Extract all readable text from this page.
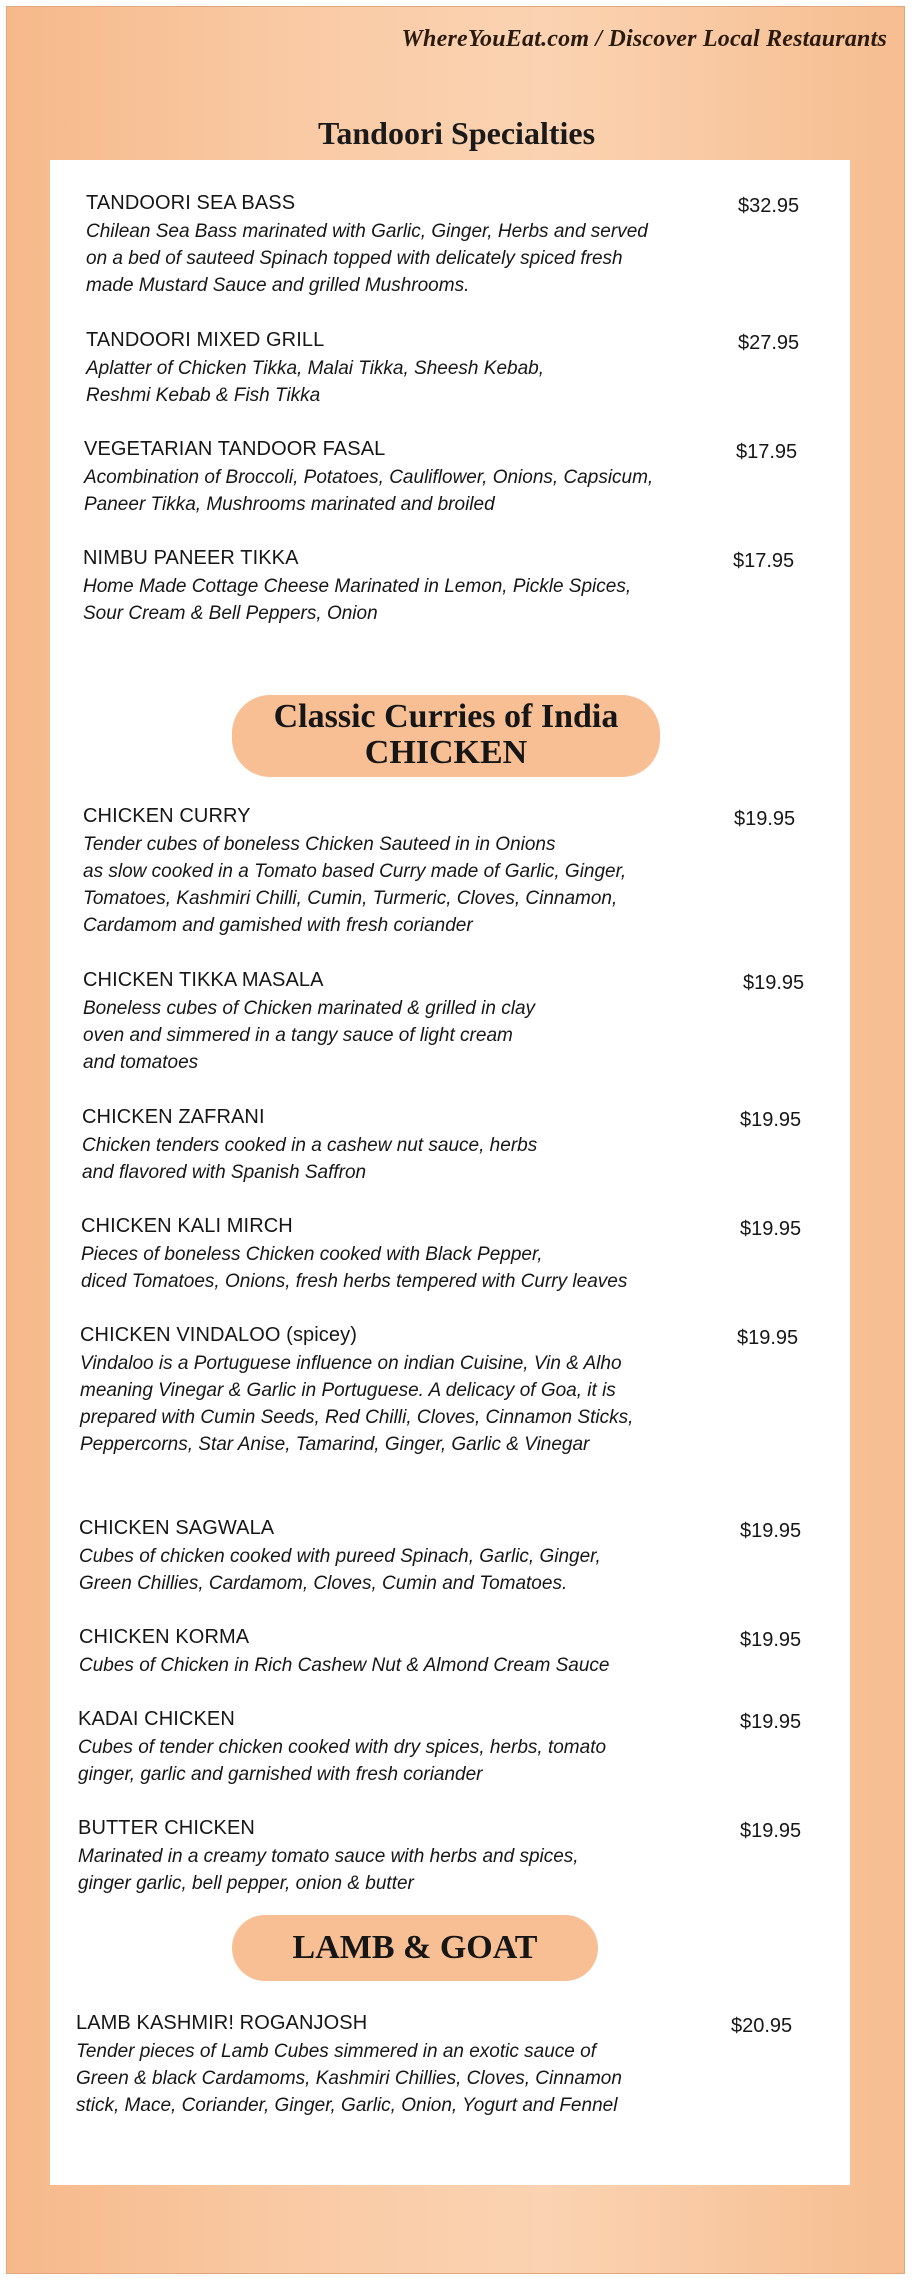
WhereYouEat.com / Discover Local Restaurants
Tandoori Specialties
TANDOORI SEA BASS
Chilean Sea Bass marinated with Garlic, Ginger, Herbs and served
on a bed of sauteed Spinach topped with delicately spiced fresh
made Mustard Sauce and grilled Mushrooms.
$32.95
TANDOORI MIXED GRILL
Aplatter of Chicken Tikka, Malai Tikka, Sheesh Kebab,
Reshmi Kebab & Fish Tikka
$27.95
VEGETARIAN TANDOOR FASAL
Acombination of Broccoli, Potatoes, Cauliflower, Onions, Capsicum,
Paneer Tikka, Mushrooms marinated and broiled
$17.95
NIMBU PANEER TIKKA
Home Made Cottage Cheese Marinated in Lemon, Pickle Spices,
Sour Cream & Bell Peppers, Onion
$17.95
Classic Curries of India
CHICKEN
CHICKEN CURRY
Tender cubes of boneless Chicken Sauteed in in Onions
as slow cooked in a Tomato based Curry made of Garlic, Ginger,
Tomatoes, Kashmiri Chilli, Cumin, Turmeric, Cloves, Cinnamon,
Cardamom and gamished with fresh coriander
$19.95
CHICKEN TIKKA MASALA
Boneless cubes of Chicken marinated & grilled in clay
oven and simmered in a tangy sauce of light cream
and tomatoes
$19.95
CHICKEN ZAFRANI
Chicken tenders cooked in a cashew nut sauce, herbs
and flavored with Spanish Saffron
$19.95
CHICKEN KALI MIRCH
Pieces of boneless Chicken cooked with Black Pepper,
diced Tomatoes, Onions, fresh herbs tempered with Curry leaves
$19.95
CHICKEN VINDALOO (spicey)
Vindaloo is a Portuguese influence on indian Cuisine, Vin & Alho
meaning Vinegar & Garlic in Portuguese. A delicacy of Goa, it is
prepared with Cumin Seeds, Red Chilli, Cloves, Cinnamon Sticks,
Peppercorns, Star Anise, Tamarind, Ginger, Garlic & Vinegar
$19.95
CHICKEN SAGWALA
Cubes of chicken cooked with pureed Spinach, Garlic, Ginger,
Green Chillies, Cardamom, Cloves, Cumin and Tomatoes.
$19.95
CHICKEN KORMA
Cubes of Chicken in Rich Cashew Nut & Almond Cream Sauce
$19.95
KADAI CHICKEN
Cubes of tender chicken cooked with dry spices, herbs, tomato
ginger, garlic and garnished with fresh coriander
$19.95
BUTTER CHICKEN
Marinated in a creamy tomato sauce with herbs and spices,
ginger garlic, bell pepper, onion & butter
$19.95
LAMB & GOAT
LAMB KASHMIR! ROGANJOSH
Tender pieces of Lamb Cubes simmered in an exotic sauce of
Green & black Cardamoms, Kashmiri Chillies, Cloves, Cinnamon
stick, Mace, Coriander, Ginger, Garlic, Onion, Yogurt and Fennel
$20.95
